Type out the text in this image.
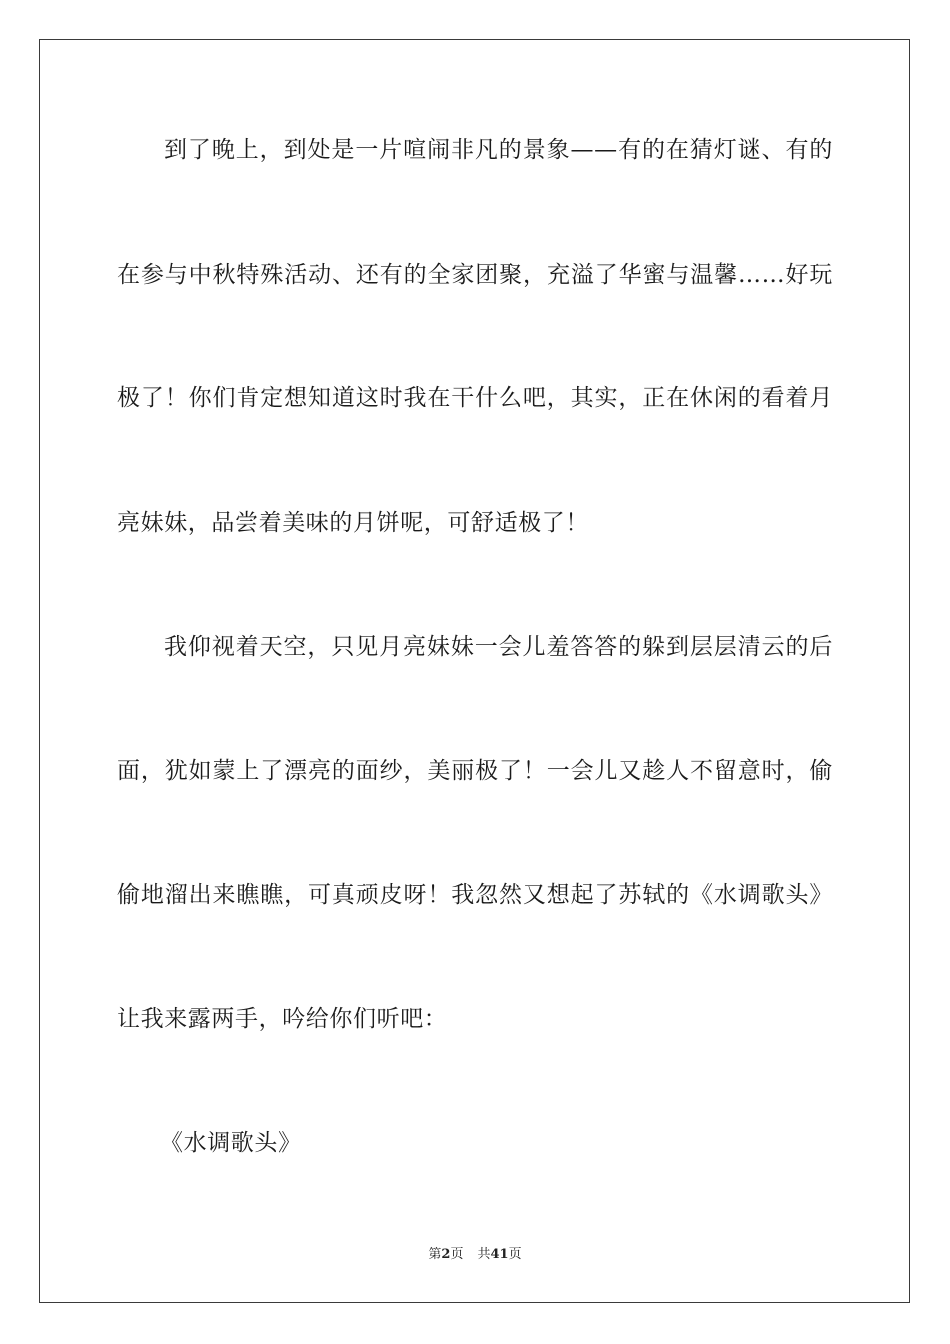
到了晚上，到处是一片喧闹非凡的景象——有的在猜灯谜、有的
在参与中秋特殊活动、还有的全家团聚，充溢了华蜜与温馨……好玩
极了！你们肯定想知道这时我在干什么吧，其实，正在休闲的看着月
亮妹妹，品尝着美味的月饼呢，可舒适极了！
我仰视着天空，只见月亮妹妹一会儿羞答答的躲到层层清云的后
面，犹如蒙上了漂亮的面纱，美丽极了！一会儿又趁人不留意时，偷
偷地溜出来瞧瞧，可真顽皮呀！我忽然又想起了苏轼的《水调歌头》
让我来露两手，吟给你们听吧：
《水调歌头》
第2页 共41页
